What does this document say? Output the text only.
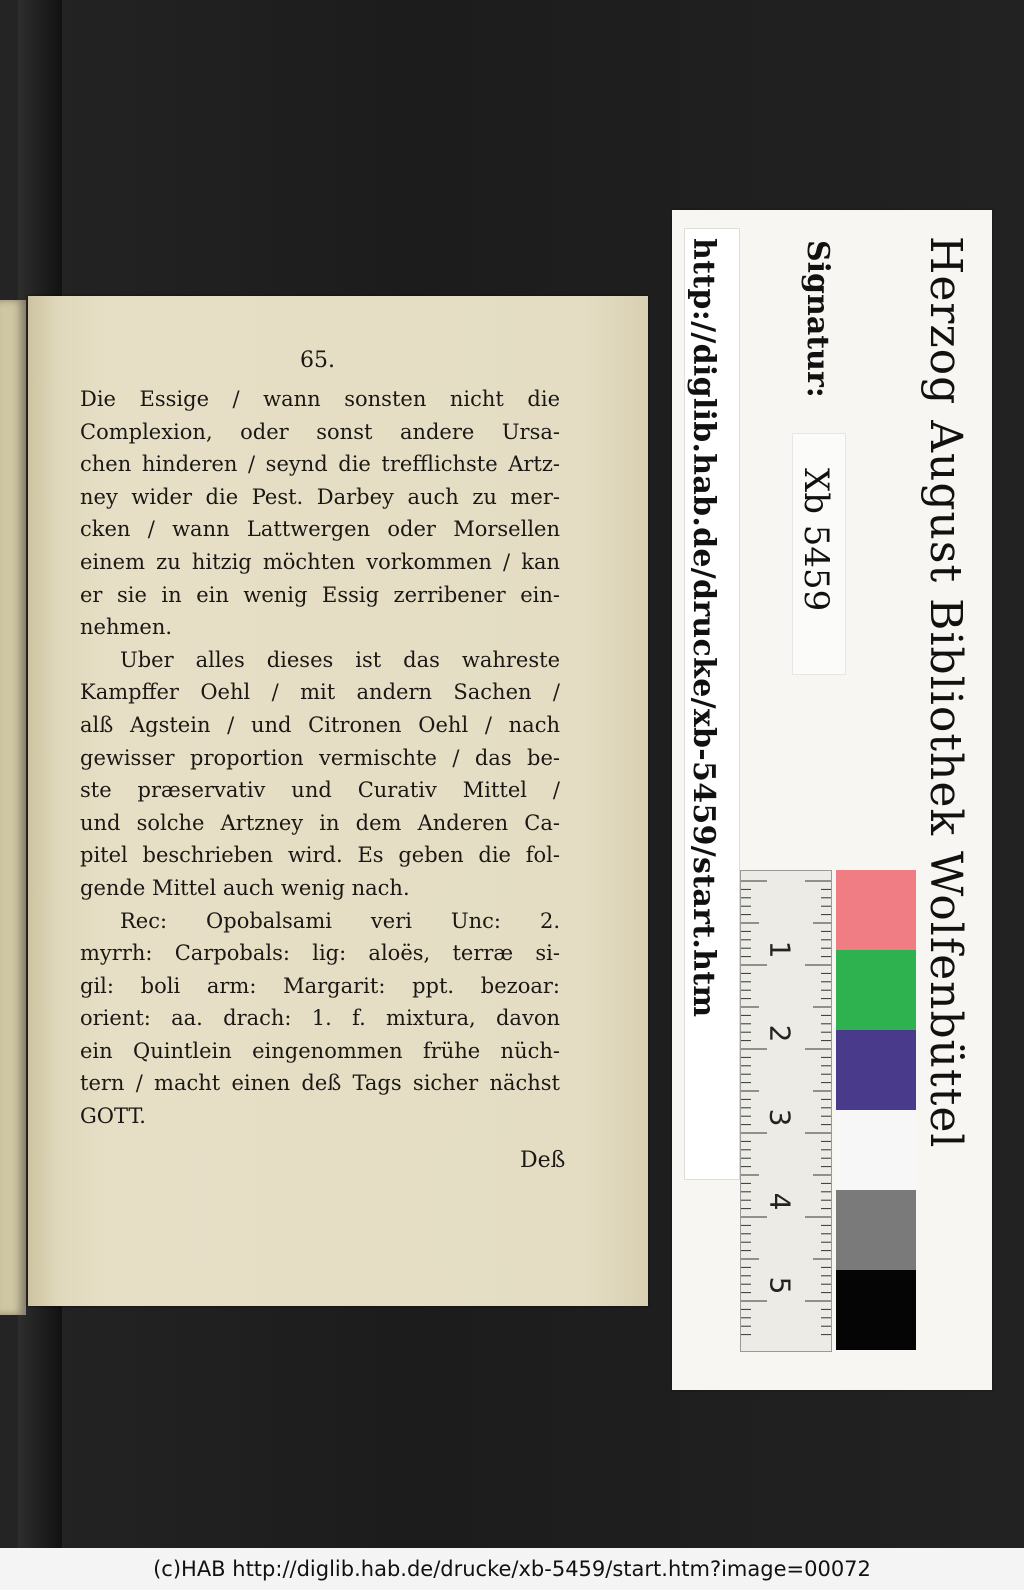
65.
Die Essige / wann sonsten nicht die
Complexion, oder sonst andere Ursa-
chen hinderen / seynd die trefflichste Artz-
ney wider die Pest. Darbey auch zu mer-
cken / wann Lattwergen oder Morsellen
einem zu hitzig möchten vorkommen / kan
er sie in ein wenig Essig zerribener ein-
nehmen.
Uber alles dieses ist das wahreste
Kampffer Oehl / mit andern Sachen /
alß Agstein / und Citronen Oehl / nach
gewisser proportion vermischte / das be-
ste præservativ und Curativ Mittel /
und solche Artzney in dem Anderen Ca-
pitel beschrieben wird. Es geben die fol-
gende Mittel auch wenig nach.
Rec: Opobalsami veri Unc: 2.
myrrh: Carpobals: lig: aloës, terræ si-
gil: boli arm: Margarit: ppt. bezoar:
orient: aa. drach: 1. f. mixtura, davon
ein Quintlein eingenommen frühe nüch-
tern / macht einen deß Tags sicher nächst
GOTT.
Deß
Herzog August Bibliothek Wolfenbüttel
Signatur:
Xb 5459
http://diglib.hab.de/drucke/xb-5459/start.htm 1
2
3
4
5
(c)HAB http://diglib.hab.de/drucke/xb-5459/start.htm?image=00072
